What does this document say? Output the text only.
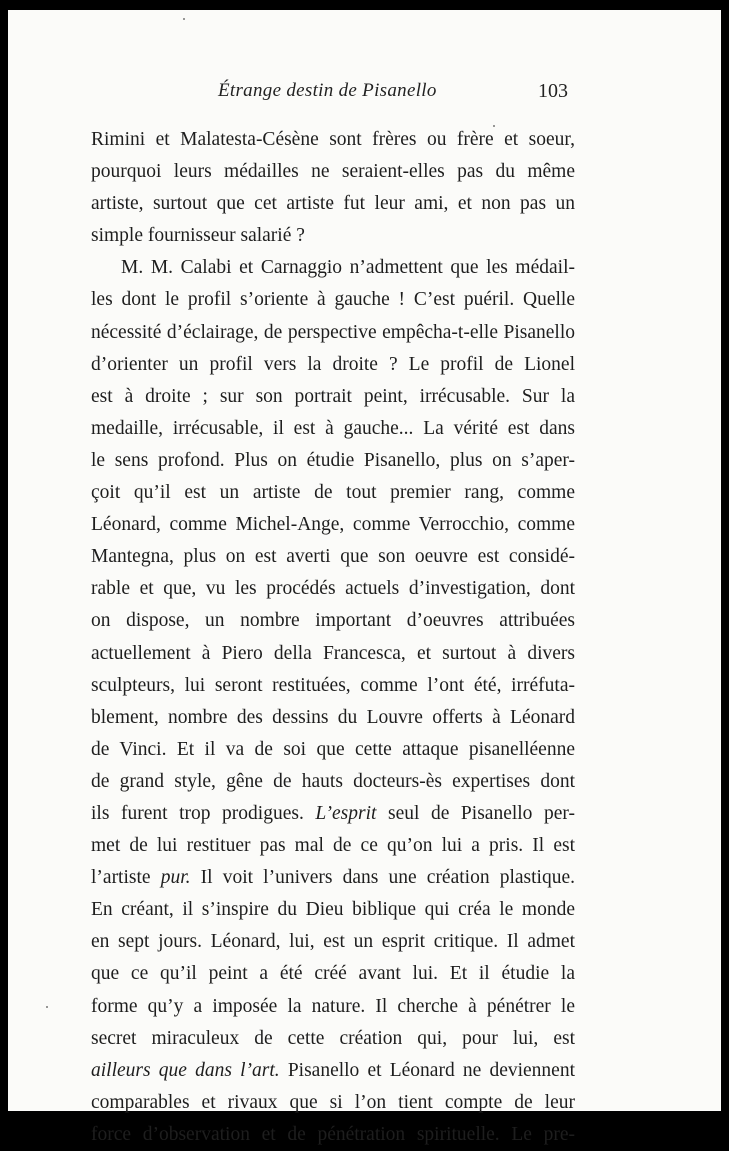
Étrange destin de Pisanello	103
Rimini et Malatesta-Césène sont frères ou frère et soeur,
pourquoi leurs médailles ne seraient-elles pas du même
artiste, surtout que cet artiste fut leur ami, et non pas un
simple fournisseur salarié ?
M. M. Calabi et Carnaggio n’admettent que les médail-
les dont le profil s’oriente à gauche ! C’est puéril. Quelle
nécessité d’éclairage, de perspective empêcha-t-elle Pisanello
d’orienter un profil vers la droite ? Le profil de Lionel
est à droite ; sur son portrait peint, irrécusable. Sur la
medaille, irrécusable, il est à gauche... La vérité est dans
le sens profond. Plus on étudie Pisanello, plus on s’aper-
çoit qu’il est un artiste de tout premier rang, comme
Léonard, comme Michel-Ange, comme Verrocchio, comme
Mantegna, plus on est averti que son oeuvre est considé-
rable et que, vu les procédés actuels d’investigation, dont
on dispose, un nombre important d’oeuvres attribuées
actuellement à Piero della Francesca, et surtout à divers
sculpteurs, lui seront restituées, comme l’ont été, irréfuta-
blement, nombre des dessins du Louvre offerts à Léonard
de Vinci. Et il va de soi que cette attaque pisanelléenne
de grand style, gêne de hauts docteurs-ès expertises dont
ils furent trop prodigues. L’esprit seul de Pisanello per-
met de lui restituer pas mal de ce qu’on lui a pris. Il est
l’artiste pur. Il voit l’univers dans une création plastique.
En créant, il s’inspire du Dieu biblique qui créa le monde
en sept jours. Léonard, lui, est un esprit critique. Il admet
que ce qu’il peint a été créé avant lui. Et il étudie la
forme qu’y a imposée la nature. Il cherche à pénétrer le
secret miraculeux de cette création qui, pour lui, est
ailleurs que dans l’art. Pisanello et Léonard ne deviennent
comparables et rivaux que si l’on tient compte de leur
force d’observation et de pénétration spirituelle. Le pre-
